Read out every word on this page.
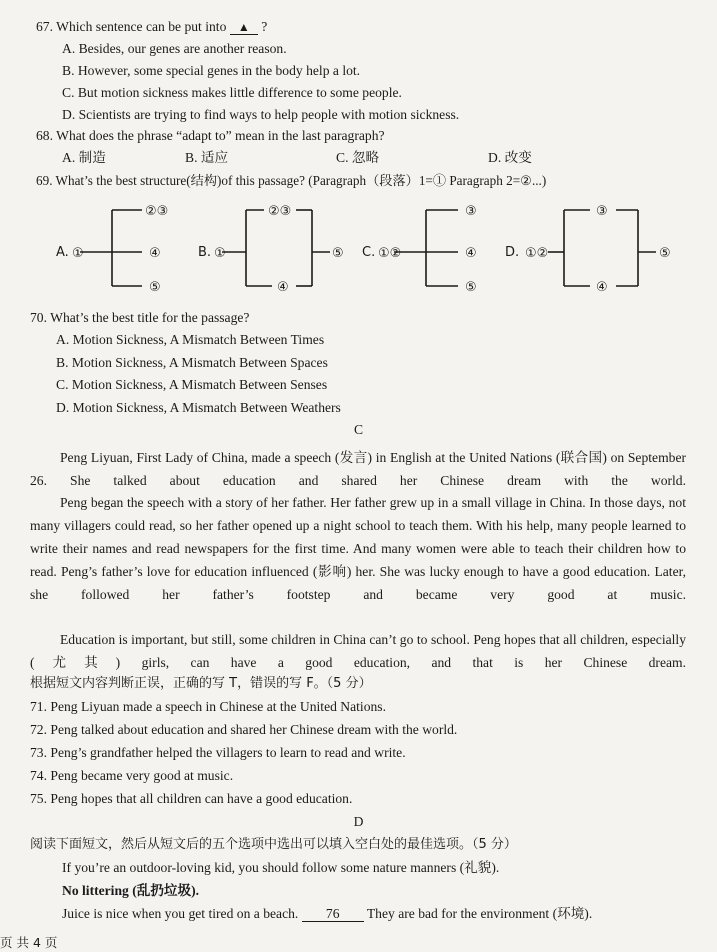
67. Which sentence can be put into ▲ ?
A. Besides, our genes are another reason.
B. However, some special genes in the body help a lot.
C. But motion sickness makes little difference to some people.
D. Scientists are trying to find ways to help people with motion sickness.
68. What does the phrase “adapt to” mean in the last paragraph?
A. 制造	B. 适应	C. 忽略	D. 改变
69. What’s the best structure(结构)of this passage? (Paragraph（段落）1=① Paragraph 2=②...)
A. ①
②③
④
⑤
B. ①
②③
④
⑤ C. ①②
③
④
⑤
D. ①②
③
④
⑤
70. What’s the best title for the passage?
A. Motion Sickness, A Mismatch Between Times
B. Motion Sickness, A Mismatch Between Spaces
C. Motion Sickness, A Mismatch Between Senses
D. Motion Sickness, A Mismatch Between Weathers
C
Peng Liyuan, First Lady of China, made a speech (发言) in English at the United Nations (联合国) on September 26. She talked about education and shared her Chinese dream with the world.
Peng began the speech with a story of her father. Her father grew up in a small village in China. In those days, not many villagers could read, so her father opened up a night school to teach them. With his help, many people learned to write their names and read newspapers for the first time. And many women were able to teach their children how to read. Peng’s father’s love for education influenced (影响) her. She was lucky enough to have a good education. Later, she followed her father’s footstep and became very good at music.
Education is important, but still, some children in China can’t go to school. Peng hopes that all children, especially (尤其) girls, can have a good education, and that is her Chinese dream.
根据短文内容判断正误，正确的写 T，错误的写 F。（5 分）
71. Peng Liyuan made a speech in Chinese at the United Nations.
72. Peng talked about education and shared her Chinese dream with the world.
73. Peng’s grandfather helped the villagers to learn to read and write.
74. Peng became very good at music.
75. Peng hopes that all children can have a good education.
D
阅读下面短文，然后从短文后的五个选项中选出可以填入空白处的最佳选项。（5 分）
If you’re an outdoor-loving kid, you should follow some nature manners (礼貌).
No littering (乱扔垃圾).
Juice is nice when you get tired on a beach. 76 They are bad for the environment (环境).
页 共 4 页
